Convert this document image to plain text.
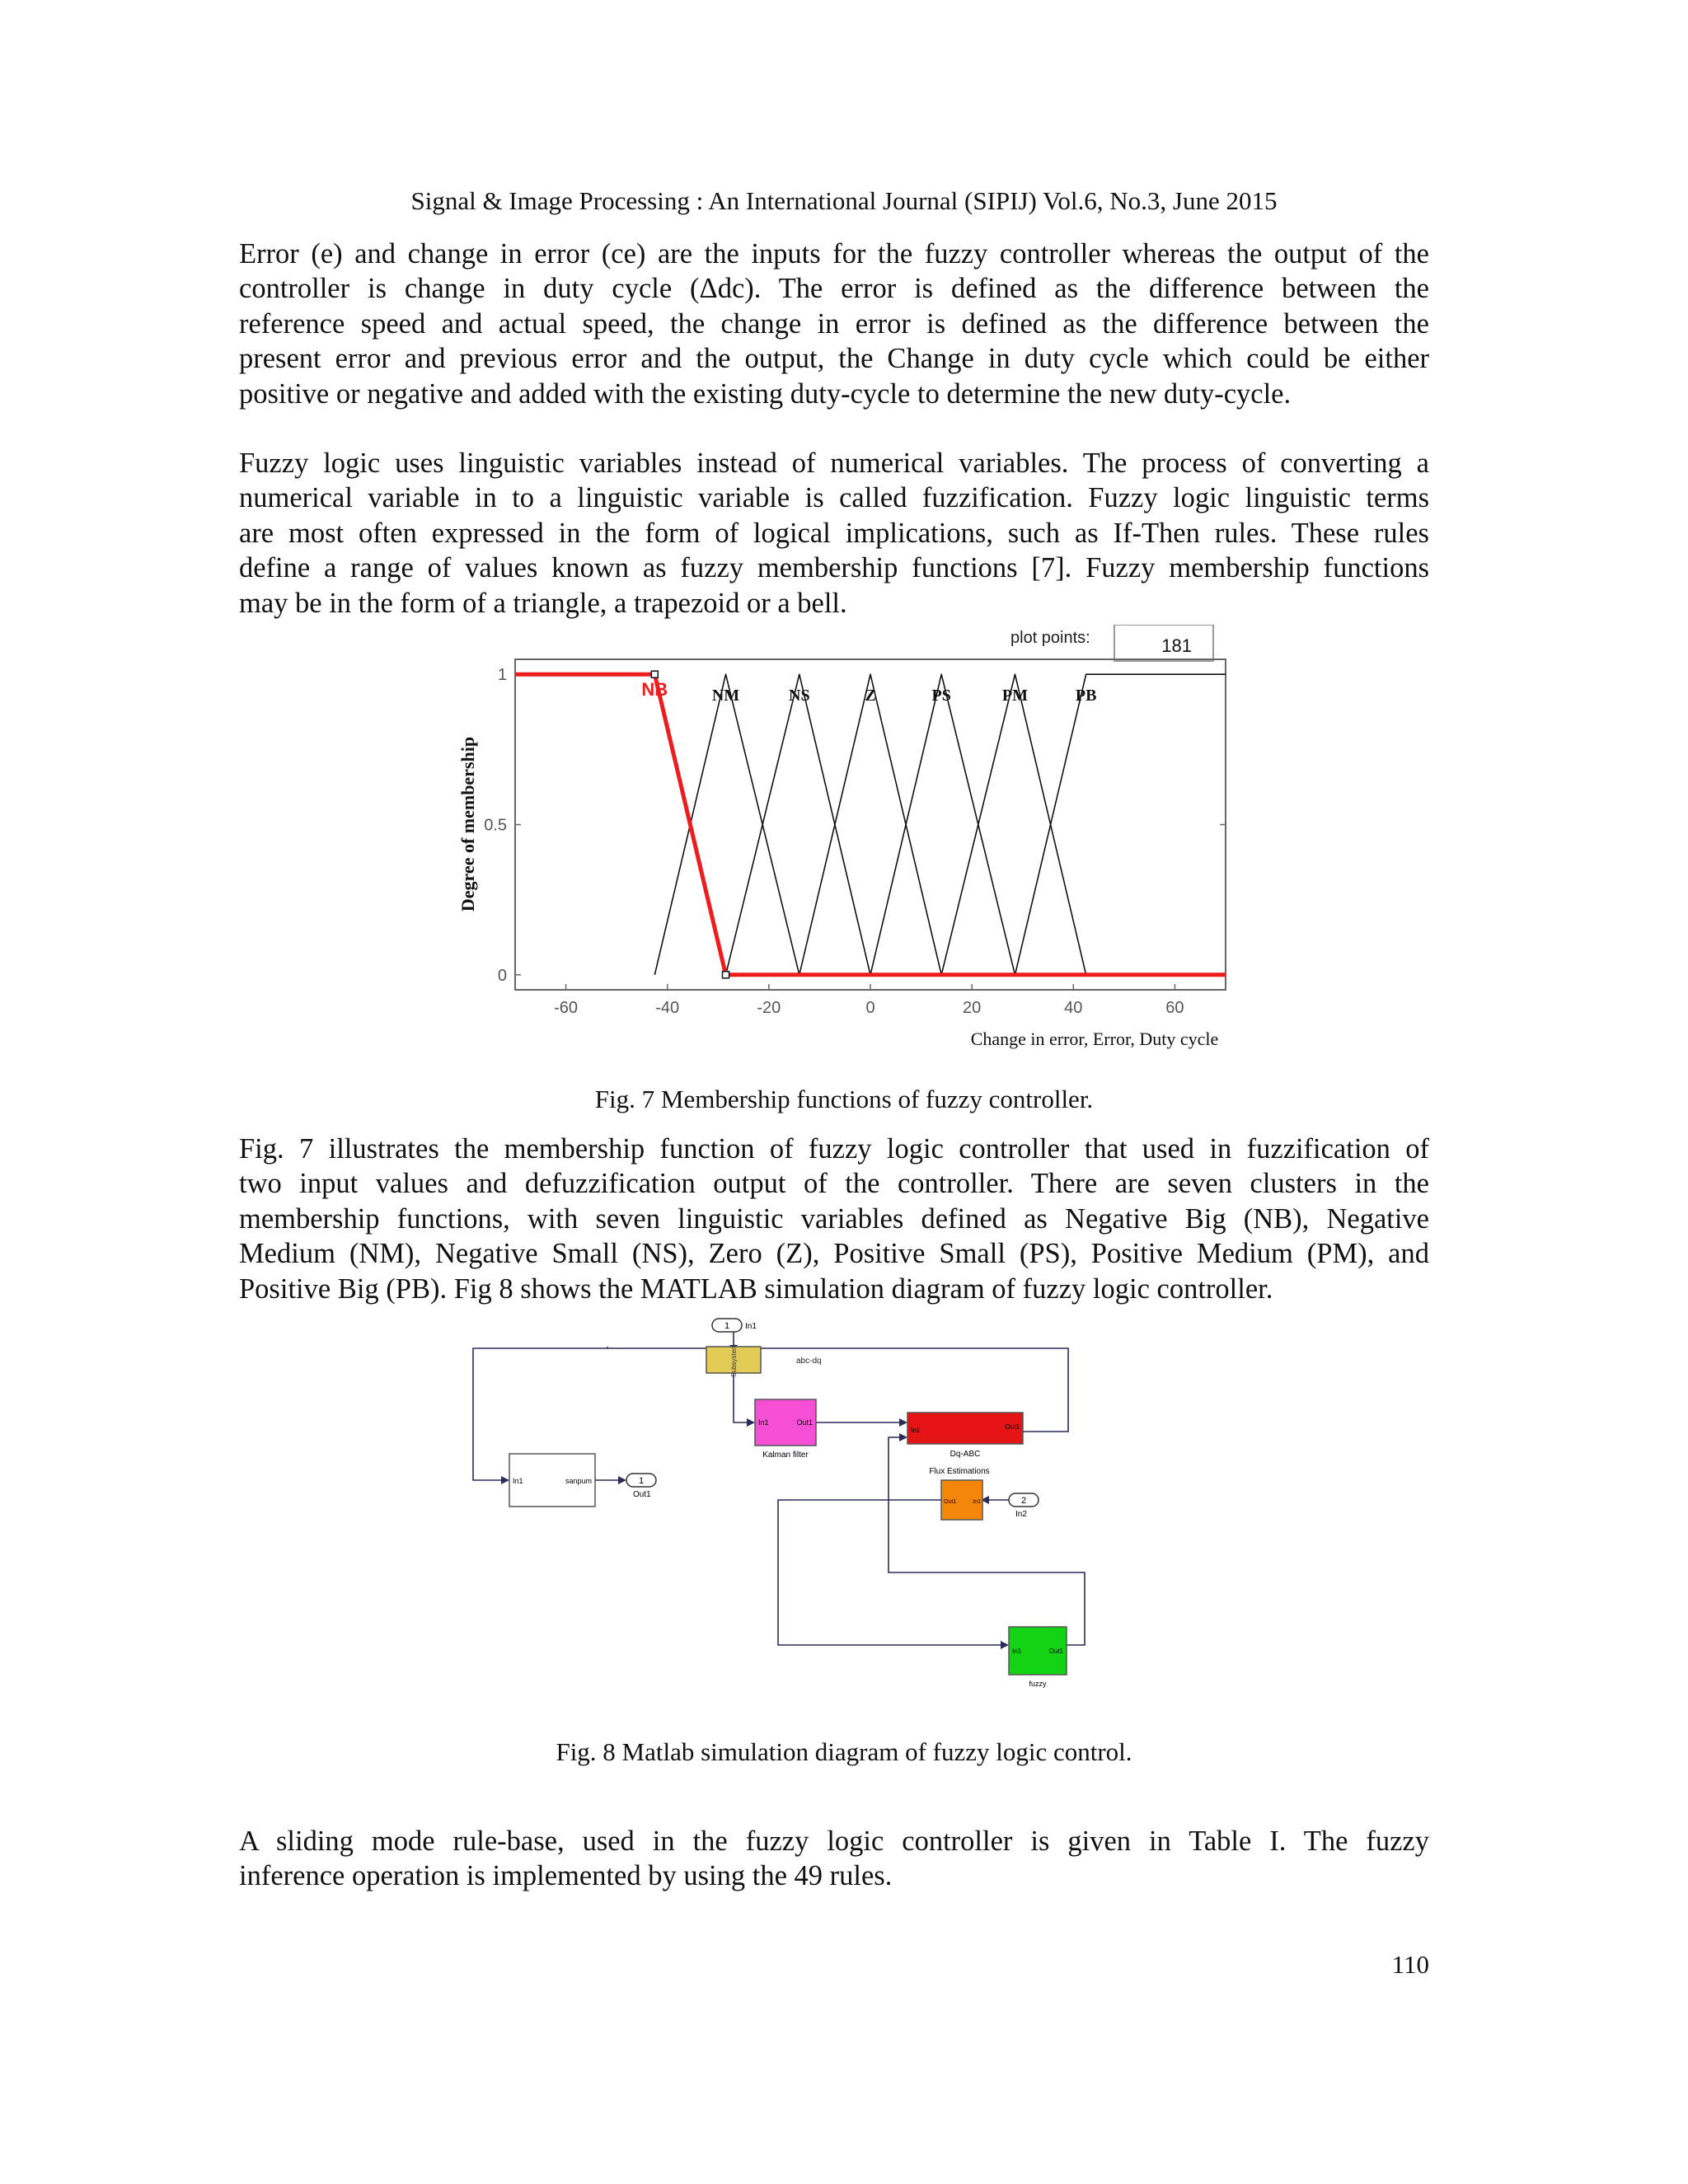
Signal & Image Processing : An International Journal (SIPIJ) Vol.6, No.3, June 2015

Error (e) and change in error (ce) are the inputs for the fuzzy controller whereas the output of the
controller is change in duty cycle (Δdc). The error is defined as the difference between the
reference speed and actual speed, the change in error is defined as the difference between the
present error and previous error and the output, the Change in duty cycle which could be either
positive or negative and added with the existing duty-cycle to determine the new duty-cycle.

Fuzzy logic uses linguistic variables instead of numerical variables. The process of converting a
numerical variable in to a linguistic variable is called fuzzification. Fuzzy logic linguistic terms
are most often expressed in the form of logical implications, such as If-Then rules. These rules
define a range of values known as fuzzy membership functions [7]. Fuzzy membership functions
may be in the form of a triangle, a trapezoid or a bell.

plot points:	181
-60	-40	-20	0	20	40	60
0
0.5
1
NB	NM	NS	Z	PS	PM	PB
Degree of membership
Change in error, Error, Duty cycle
Fig. 7 Membership functions of fuzzy controller.

Fig. 7 illustrates the membership function of fuzzy logic controller that used in fuzzification of
two input values and defuzzification output of the controller. There are seven clusters in the
membership functions, with seven linguistic variables defined as Negative Big (NB), Negative
Medium (NM), Negative Small (NS), Zero (Z), Positive Small (PS), Positive Medium (PM), and
Positive Big (PB). Fig 8 shows the MATLAB simulation diagram of fuzzy logic controller.

1 In1
Subsystem	abc-dq
In1	Out1
Kalman filter
In1	Out1
Dq-ABC
Flux Estimations
Out1	In1	2
In2
In1	sanpum	1
Out1
In1	Out1
fuzzy
Fig. 8 Matlab simulation diagram of fuzzy logic control.

A sliding mode rule-base, used in the fuzzy logic controller is given in Table I. The fuzzy
inference operation is implemented by using the 49 rules.

110
